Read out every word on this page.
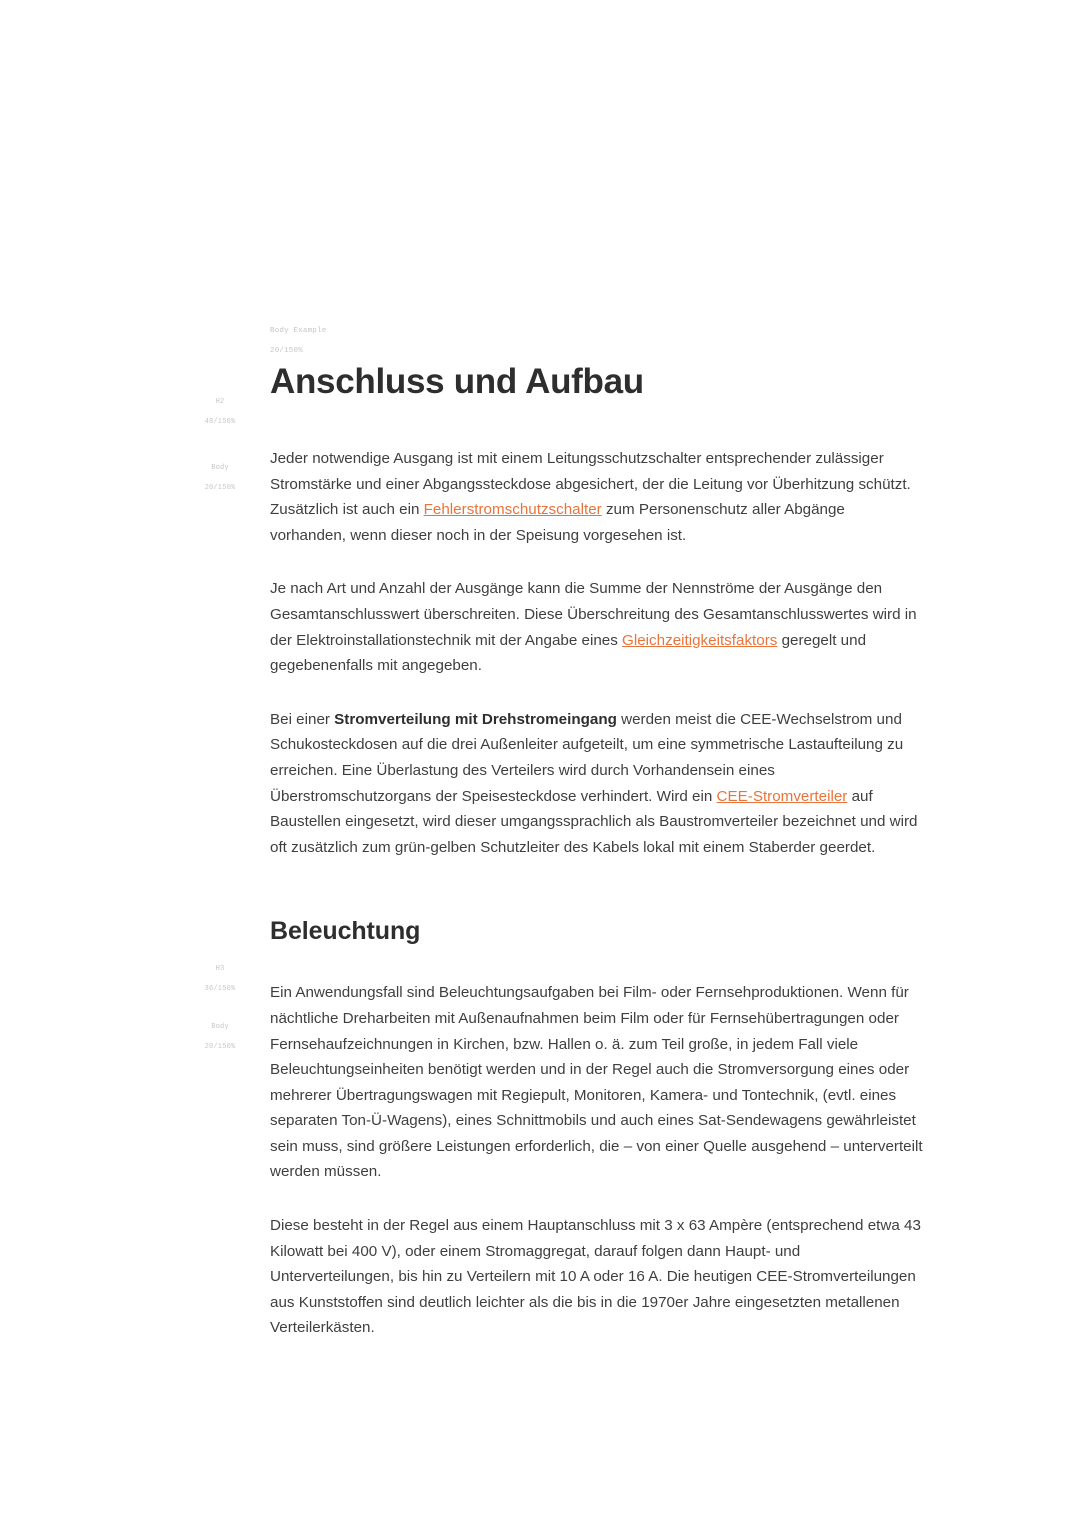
Body Example

20/150%

H2

48/150%

Body

20/150%

H3

36/150%

Body

20/150%

Anschluss und Aufbau

Jeder notwendige Ausgang ist mit einem Leitungsschutzschalter entsprechender zulässiger Stromstärke und einer Abgangssteckdose abgesichert, der die Leitung vor Überhitzung schützt. Zusätzlich ist auch ein Fehlerstromschutzschalter zum Personenschutz aller Abgänge vorhanden, wenn dieser noch in der Speisung vorgesehen ist.

Je nach Art und Anzahl der Ausgänge kann die Summe der Nennströme der Ausgänge den Gesamtanschlusswert überschreiten. Diese Überschreitung des Gesamtanschlusswertes wird in der Elektroinstallationstechnik mit der Angabe eines Gleichzeitigkeitsfaktors geregelt und gegebenenfalls mit angegeben.

Bei einer Stromverteilung mit Drehstromeingang werden meist die CEE-Wechselstrom und Schukosteckdosen auf die drei Außenleiter aufgeteilt, um eine symmetrische Lastaufteilung zu erreichen. Eine Überlastung des Verteilers wird durch Vorhandensein eines Überstromschutzorgans der Speisesteckdose verhindert. Wird ein CEE-Stromverteiler auf Baustellen eingesetzt, wird dieser umgangssprachlich als Baustromverteiler bezeichnet und wird oft zusätzlich zum grün-gelben Schutzleiter des Kabels lokal mit einem Staberder geerdet.

Beleuchtung

Ein Anwendungsfall sind Beleuchtungsaufgaben bei Film- oder Fernsehproduktionen. Wenn für nächtliche Dreharbeiten mit Außenaufnahmen beim Film oder für Fernsehübertragungen oder Fernsehaufzeichnungen in Kirchen, bzw. Hallen o. ä. zum Teil große, in jedem Fall viele Beleuchtungseinheiten benötigt werden und in der Regel auch die Stromversorgung eines oder mehrerer Übertragungswagen mit Regiepult, Monitoren, Kamera- und Tontechnik, (evtl. eines separaten Ton-Ü-Wagens), eines Schnittmobils und auch eines Sat-Sendewagens gewährleistet sein muss, sind größere Leistungen erforderlich, die – von einer Quelle ausgehend – unterverteilt werden müssen.

Diese besteht in der Regel aus einem Hauptanschluss mit 3 x 63 Ampère (entsprechend etwa 43 Kilowatt bei 400 V), oder einem Stromaggregat, darauf folgen dann Haupt- und Unterverteilungen, bis hin zu Verteilern mit 10 A oder 16 A. Die heutigen CEE-Stromverteilungen aus Kunststoffen sind deutlich leichter als die bis in die 1970er Jahre eingesetzten metallenen Verteilerkästen.
